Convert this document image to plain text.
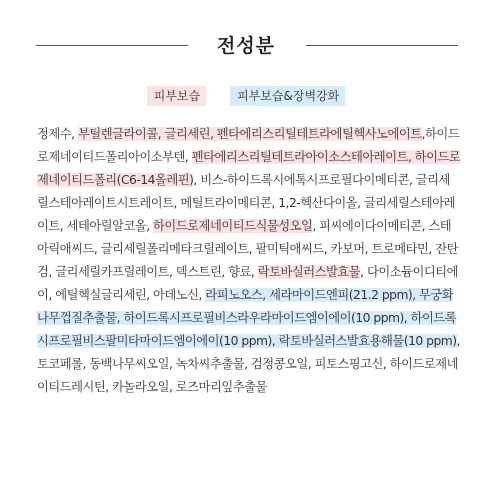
전성분
피부보습	피부보습&장벽강화
정제수, 부틸렌글라이콜, 글리세린, 펜타에리스리틸테트라에틸헥사노에이트,하이드로제네이티드폴리아이소부텐, 펜타에리스리틸테트라아이소스테아레이트, 하이드로제네이티드폴리(C6-14올레핀), 비스-하이드록시에톡시프로필다이메티콘, 글리세릴스테아레이트시트레이트, 메틸트라이메티콘, 1,2-헥산다이올, 글리세릴스테아레이트, 세테아릴알코올, 하이드로제네이티드식물성오일, 피씨에이다이메티콘, 스테아릭애씨드, 글리세릴폴리메타크릴레이트, 팔미틱애씨드, 카보머, 트로메타민, 잔탄검, 글리세릴카프릴레이트, 덱스트린, 향료, 락토바실러스발효물, 다이소듐이디티에이, 에틸헥실글리세린, 아데노신, 라피노오스, 세라마이드엔피(21.2 ppm), 무궁화나무껍질추출물, 하이드록시프로필비스라우라마이드엠이에이(10 ppm), 하이드록시프로필비스팔미타마이드엠이에이(10 ppm), 락토바실러스발효용해물(10 ppm), 토코페롤, 동백나무씨오일, 녹차씨추출물, 검정콩오일, 피토스핑고신, 하이드로제네이티드레시틴, 카놀라오일, 로즈마리잎추출물
